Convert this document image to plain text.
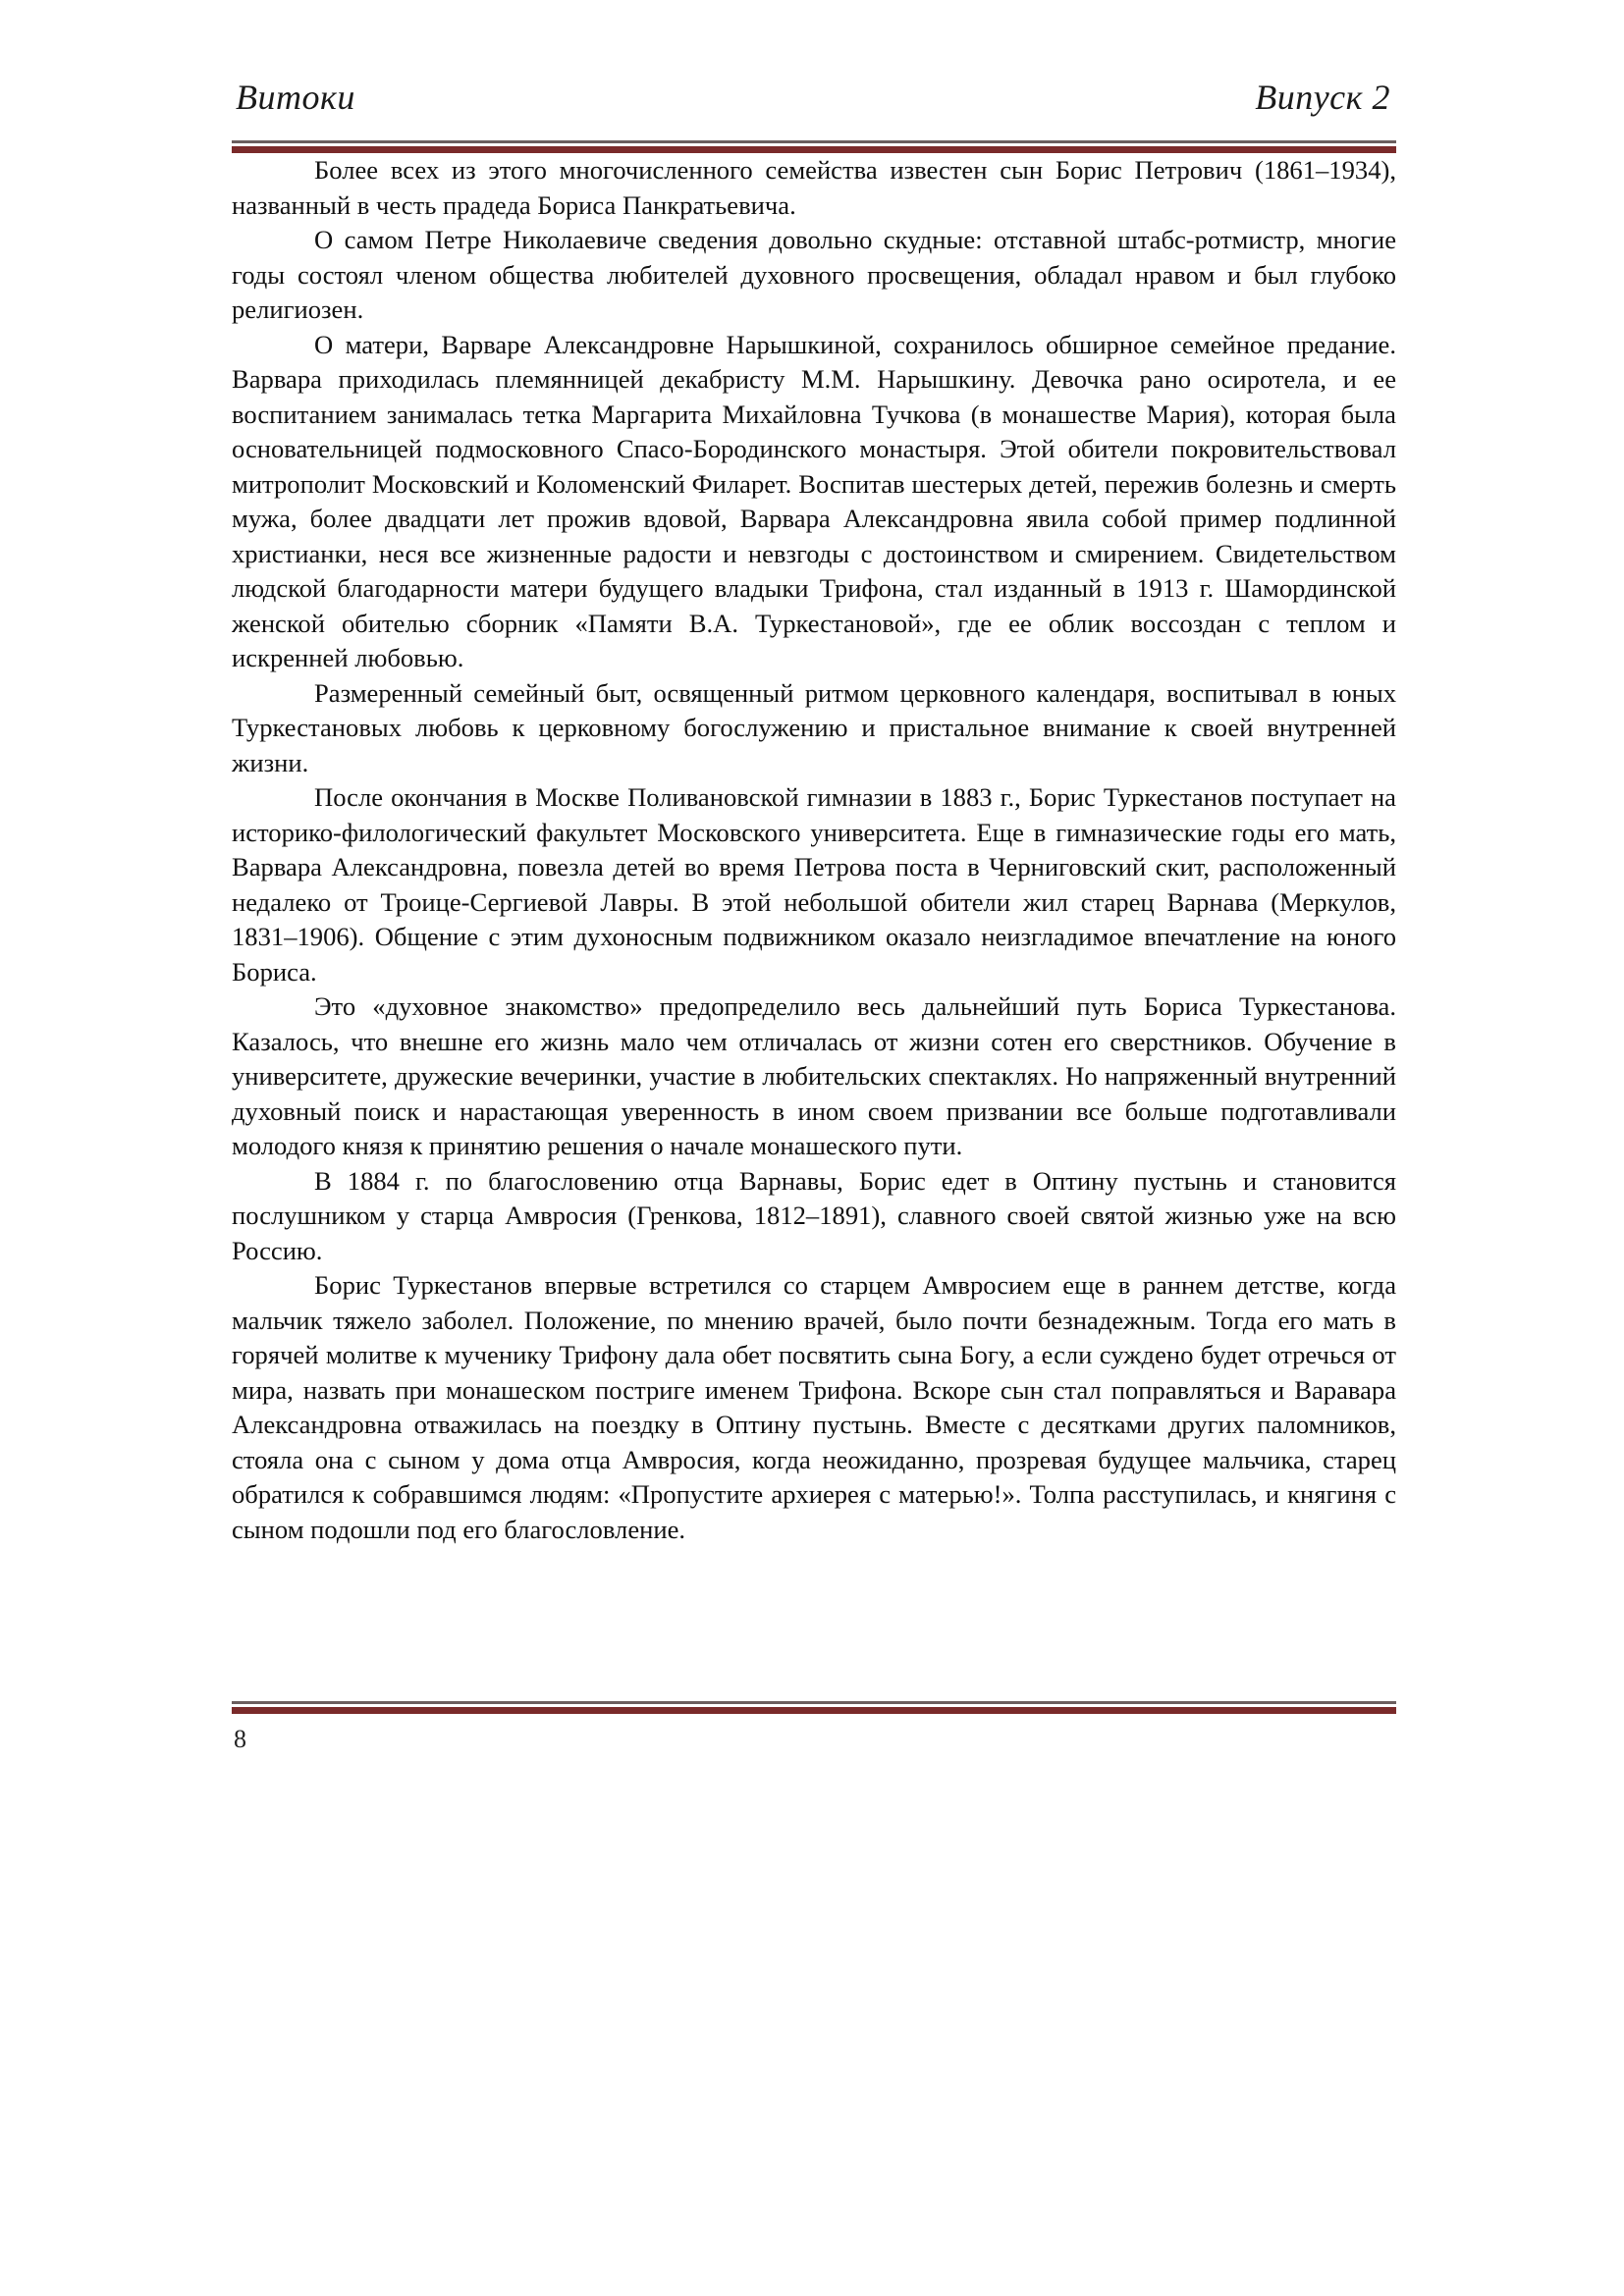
Витоки	Випуск 2

Более всех из этого многочисленного семейства известен сын Борис Петрович (1861–1934), названный в честь прадеда Бориса Панкратьевича.

О самом Петре Николаевиче сведения довольно скудные: отставной штабс-ротмистр, многие годы состоял членом общества любителей духовного просвещения, обладал нравом и был глубоко религиозен.

О матери, Варваре Александровне Нарышкиной, сохранилось обширное семейное предание. Варвара приходилась племянницей декабристу М.М. Нарышкину. Девочка рано осиротела, и ее воспитанием занималась тетка Маргарита Михайловна Тучкова (в монашестве Мария), которая была основательницей подмосковного Спасо-Бородинского монастыря. Этой обители покровительствовал митрополит Московский и Коломенский Филарет. Воспитав шестерых детей, пережив болезнь и смерть мужа, более двадцати лет прожив вдовой, Варвара Александровна явила собой пример подлинной христианки, неся все жизненные радости и невзгоды с достоинством и смирением. Свидетельством людской благодарности матери будущего владыки Трифона, стал изданный в 1913 г. Шамординской женской обителью сборник «Памяти В.А. Туркестановой», где ее облик воссоздан с теплом и искренней любовью.

Размеренный семейный быт, освященный ритмом церковного календаря, воспитывал в юных Туркестановых любовь к церковному богослужению и пристальное внимание к своей внутренней жизни.

После окончания в Москве Поливановской гимназии в 1883 г., Борис Туркестанов поступает на историко-филологический факультет Московского университета. Еще в гимназические годы его мать, Варвара Александровна, повезла детей во время Петрова поста в Черниговский скит, расположенный недалеко от Троице-Сергиевой Лавры. В этой небольшой обители жил старец Варнава (Меркулов, 1831–1906). Общение с этим духоносным подвижником оказало неизгладимое впечатление на юного Бориса.

Это «духовное знакомство» предопределило весь дальнейший путь Бориса Туркестанова. Казалось, что внешне его жизнь мало чем отличалась от жизни сотен его сверстников. Обучение в университете, дружеские вечеринки, участие в любительских спектаклях. Но напряженный внутренний духовный поиск и нарастающая уверенность в ином своем призвании все больше подготавливали молодого князя к принятию решения о начале монашеского пути.

В 1884 г. по благословению отца Варнавы, Борис едет в Оптину пустынь и становится послушником у старца Амвросия (Гренкова, 1812–1891), славного своей святой жизнью уже на всю Россию.

Борис Туркестанов впервые встретился со старцем Амвросием еще в раннем детстве, когда мальчик тяжело заболел. Положение, по мнению врачей, было почти безнадежным. Тогда его мать в горячей молитве к мученику Трифону дала обет посвятить сына Богу, а если суждено будет отречься от мира, назвать при монашеском постриге именем Трифона. Вскоре сын стал поправляться и Варавара Александровна отважилась на поездку в Оптину пустынь. Вместе с десятками других паломников, стояла она с сыном у дома отца Амвросия, когда неожиданно, прозревая будущее мальчика, старец обратился к собравшимся людям: «Пропустите архиерея с матерью!». Толпа расступилась, и княгиня с сыном подошли под его благословление.

8
